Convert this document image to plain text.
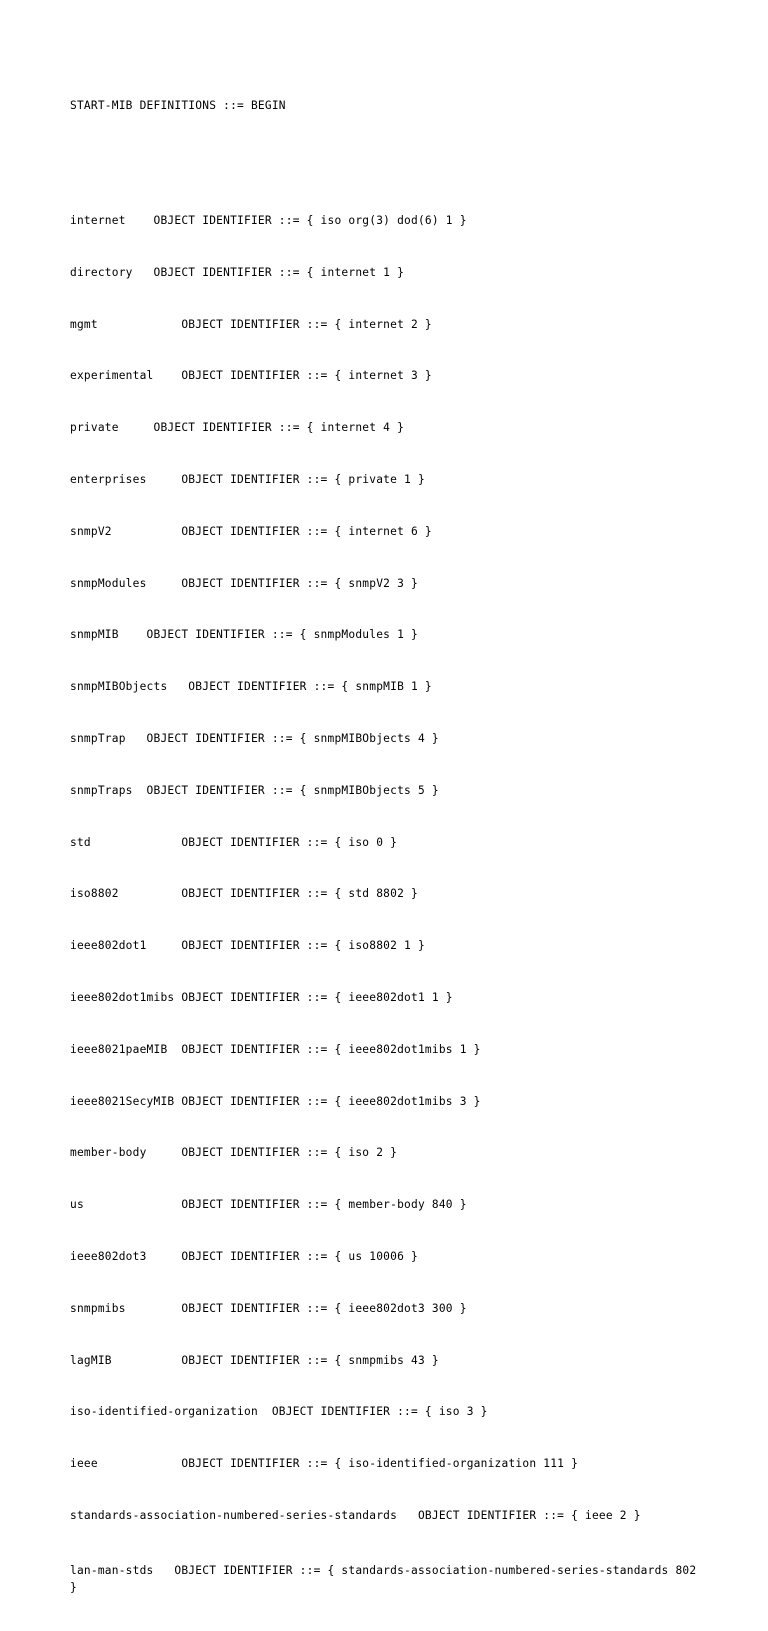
START-MIB DEFINITIONS ::= BEGIN

internet    OBJECT IDENTIFIER ::= { iso org(3) dod(6) 1 }

directory   OBJECT IDENTIFIER ::= { internet 1 }

mgmt            OBJECT IDENTIFIER ::= { internet 2 }

experimental    OBJECT IDENTIFIER ::= { internet 3 }

private     OBJECT IDENTIFIER ::= { internet 4 }

enterprises     OBJECT IDENTIFIER ::= { private 1 }

snmpV2          OBJECT IDENTIFIER ::= { internet 6 }

snmpModules     OBJECT IDENTIFIER ::= { snmpV2 3 }

snmpMIB    OBJECT IDENTIFIER ::= { snmpModules 1 }

snmpMIBObjects   OBJECT IDENTIFIER ::= { snmpMIB 1 }

snmpTrap   OBJECT IDENTIFIER ::= { snmpMIBObjects 4 }

snmpTraps  OBJECT IDENTIFIER ::= { snmpMIBObjects 5 }

std             OBJECT IDENTIFIER ::= { iso 0 }

iso8802         OBJECT IDENTIFIER ::= { std 8802 }

ieee802dot1     OBJECT IDENTIFIER ::= { iso8802 1 }

ieee802dot1mibs OBJECT IDENTIFIER ::= { ieee802dot1 1 }

ieee8021paeMIB  OBJECT IDENTIFIER ::= { ieee802dot1mibs 1 }

ieee8021SecyMIB OBJECT IDENTIFIER ::= { ieee802dot1mibs 3 }

member-body     OBJECT IDENTIFIER ::= { iso 2 }

us              OBJECT IDENTIFIER ::= { member-body 840 }

ieee802dot3     OBJECT IDENTIFIER ::= { us 10006 }

snmpmibs        OBJECT IDENTIFIER ::= { ieee802dot3 300 }

lagMIB          OBJECT IDENTIFIER ::= { snmpmibs 43 }

iso-identified-organization  OBJECT IDENTIFIER ::= { iso 3 }

ieee            OBJECT IDENTIFIER ::= { iso-identified-organization 111 }

standards-association-numbered-series-standards   OBJECT IDENTIFIER ::= { ieee 2 }

lan-man-stds   OBJECT IDENTIFIER ::= { standards-association-numbered-series-standards 802 }
